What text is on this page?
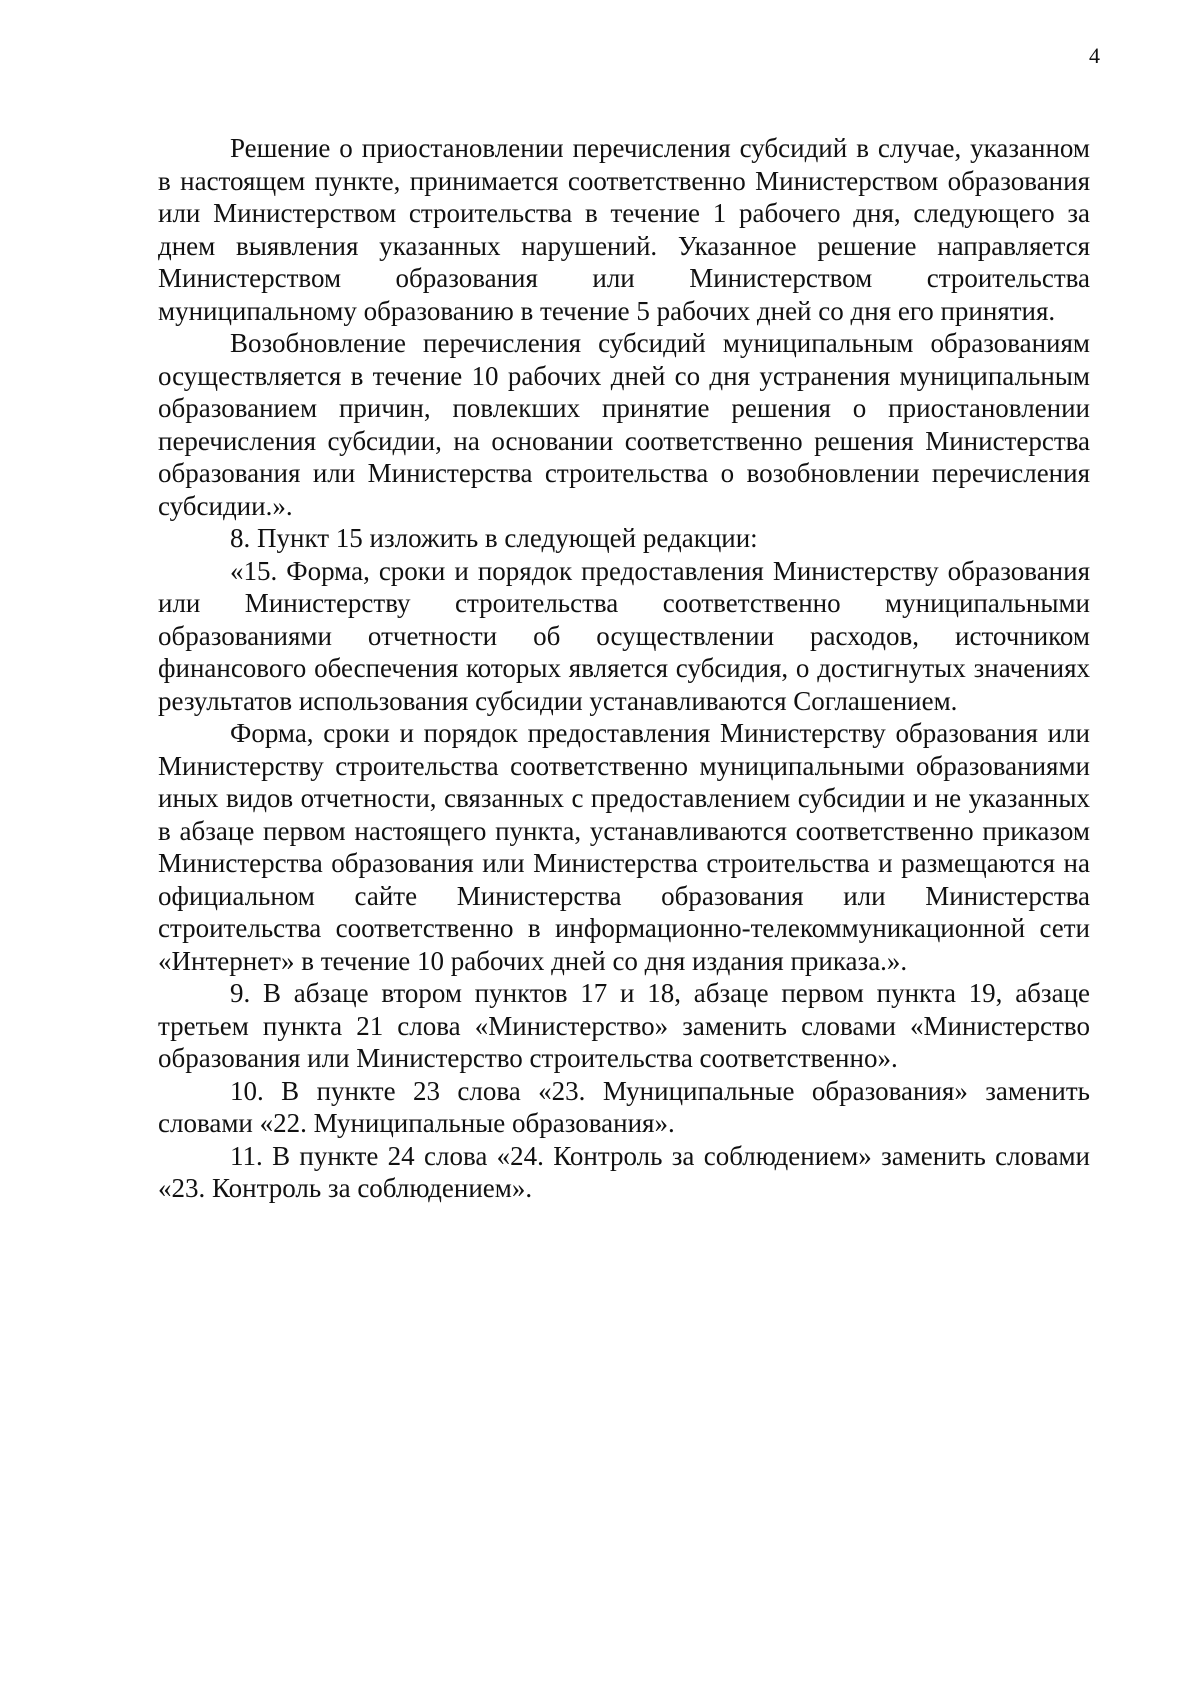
4

Решение о приостановлении перечисления субсидий в случае, указанном в настоящем пункте, принимается соответственно Министерством образования или Министерством строительства в течение 1 рабочего дня, следующего за днем выявления указанных нарушений. Указанное решение направляется Министерством образования или Министерством строительства муниципальному образованию в течение 5 рабочих дней со дня его принятия.

Возобновление перечисления субсидий муниципальным образованиям осуществляется в течение 10 рабочих дней со дня устранения муниципальным образованием причин, повлекших принятие решения о приостановлении перечисления субсидии, на основании соответственно решения Министерства образования или Министерства строительства о возобновлении перечисления субсидии.».

8. Пункт 15 изложить в следующей редакции:

«15. Форма, сроки и порядок предоставления Министерству образования или Министерству строительства соответственно муниципальными образованиями отчетности об осуществлении расходов, источником финансового обеспечения которых является субсидия, о достигнутых значениях результатов использования субсидии устанавливаются Соглашением.

Форма, сроки и порядок предоставления Министерству образования или Министерству строительства соответственно муниципальными образованиями иных видов отчетности, связанных с предоставлением субсидии и не указанных в абзаце первом настоящего пункта, устанавливаются соответственно приказом Министерства образования или Министерства строительства и размещаются на официальном сайте Министерства образования или Министерства строительства соответственно в информационно-телекоммуникационной сети «Интернет» в течение 10 рабочих дней со дня издания приказа.».

9. В абзаце втором пунктов 17 и 18, абзаце первом пункта 19, абзаце третьем пункта 21 слова «Министерство» заменить словами «Министерство образования или Министерство строительства соответственно».

10. В пункте 23 слова «23. Муниципальные образования» заменить словами «22. Муниципальные образования».

11. В пункте 24 слова «24. Контроль за соблюдением» заменить словами «23. Контроль за соблюдением».
